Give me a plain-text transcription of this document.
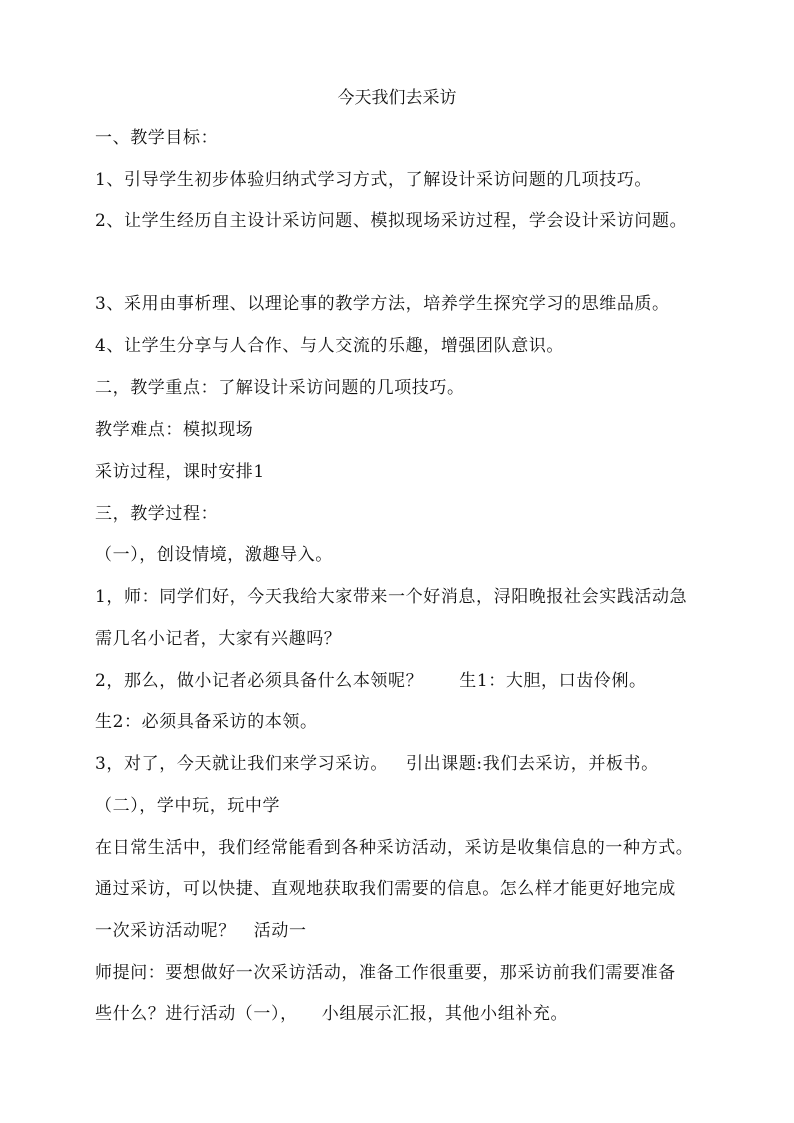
今天我们去采访
一、教学目标：
1、引导学生初步体验归纳式学习方式，了解设计采访问题的几项技巧。
2、让学生经历自主设计采访问题、模拟现场采访过程，学会设计采访问题。
3、采用由事析理、以理论事的教学方法，培养学生探究学习的思维品质。
4、让学生分享与人合作、与人交流的乐趣，增强团队意识。
二，教学重点：了解设计采访问题的几项技巧。
教学难点：模拟现场
采访过程，课时安排1
三，教学过程：
（一），创设情境，激趣导入。
1，师：同学们好，今天我给大家带来一个好消息，浔阳晚报社会实践活动急
需几名小记者，大家有兴趣吗？
2，那么，做小记者必须具备什么本领呢？      生1：大胆，口齿伶俐。
生2：必须具备采访的本领。
3，对了，今天就让我们来学习采访。   引出课题:我们去采访，并板书。
（二），学中玩，玩中学
在日常生活中，我们经常能看到各种采访活动，采访是收集信息的一种方式。
通过采访，可以快捷、直观地获取我们需要的信息。怎么样才能更好地完成
一次采访活动呢？   活动一
师提问：要想做好一次采访活动，准备工作很重要，那采访前我们需要准备
些什么？进行活动（一），    小组展示汇报，其他小组补充。
